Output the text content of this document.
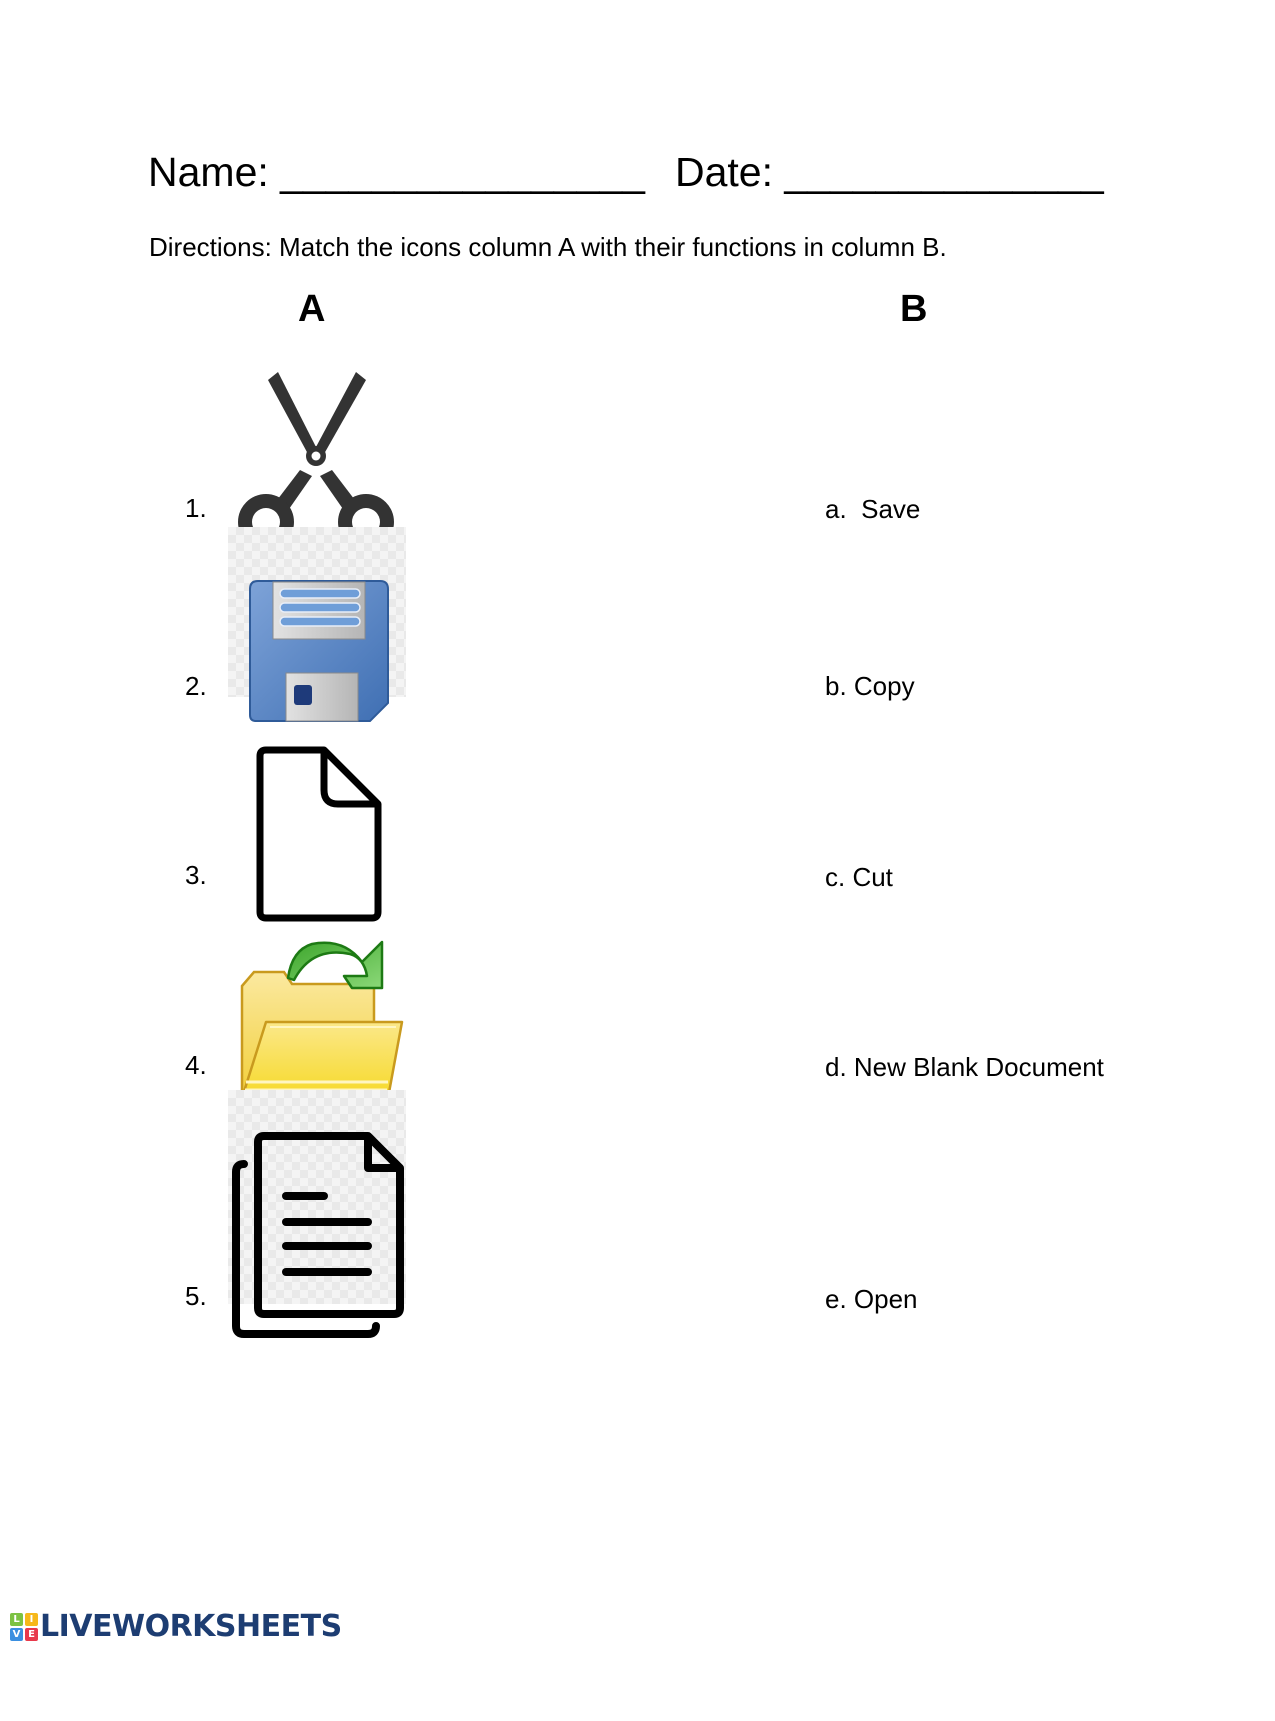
Name: ________________ Date: ______________
Directions: Match the icons column A with their functions in column B.
A	B
1.
2.
3.
4.
5.

a.  Save
b. Copy
c. Cut
d. New Blank Document
e. Open

L

I

V

E

LIVEWORKSHEETS
